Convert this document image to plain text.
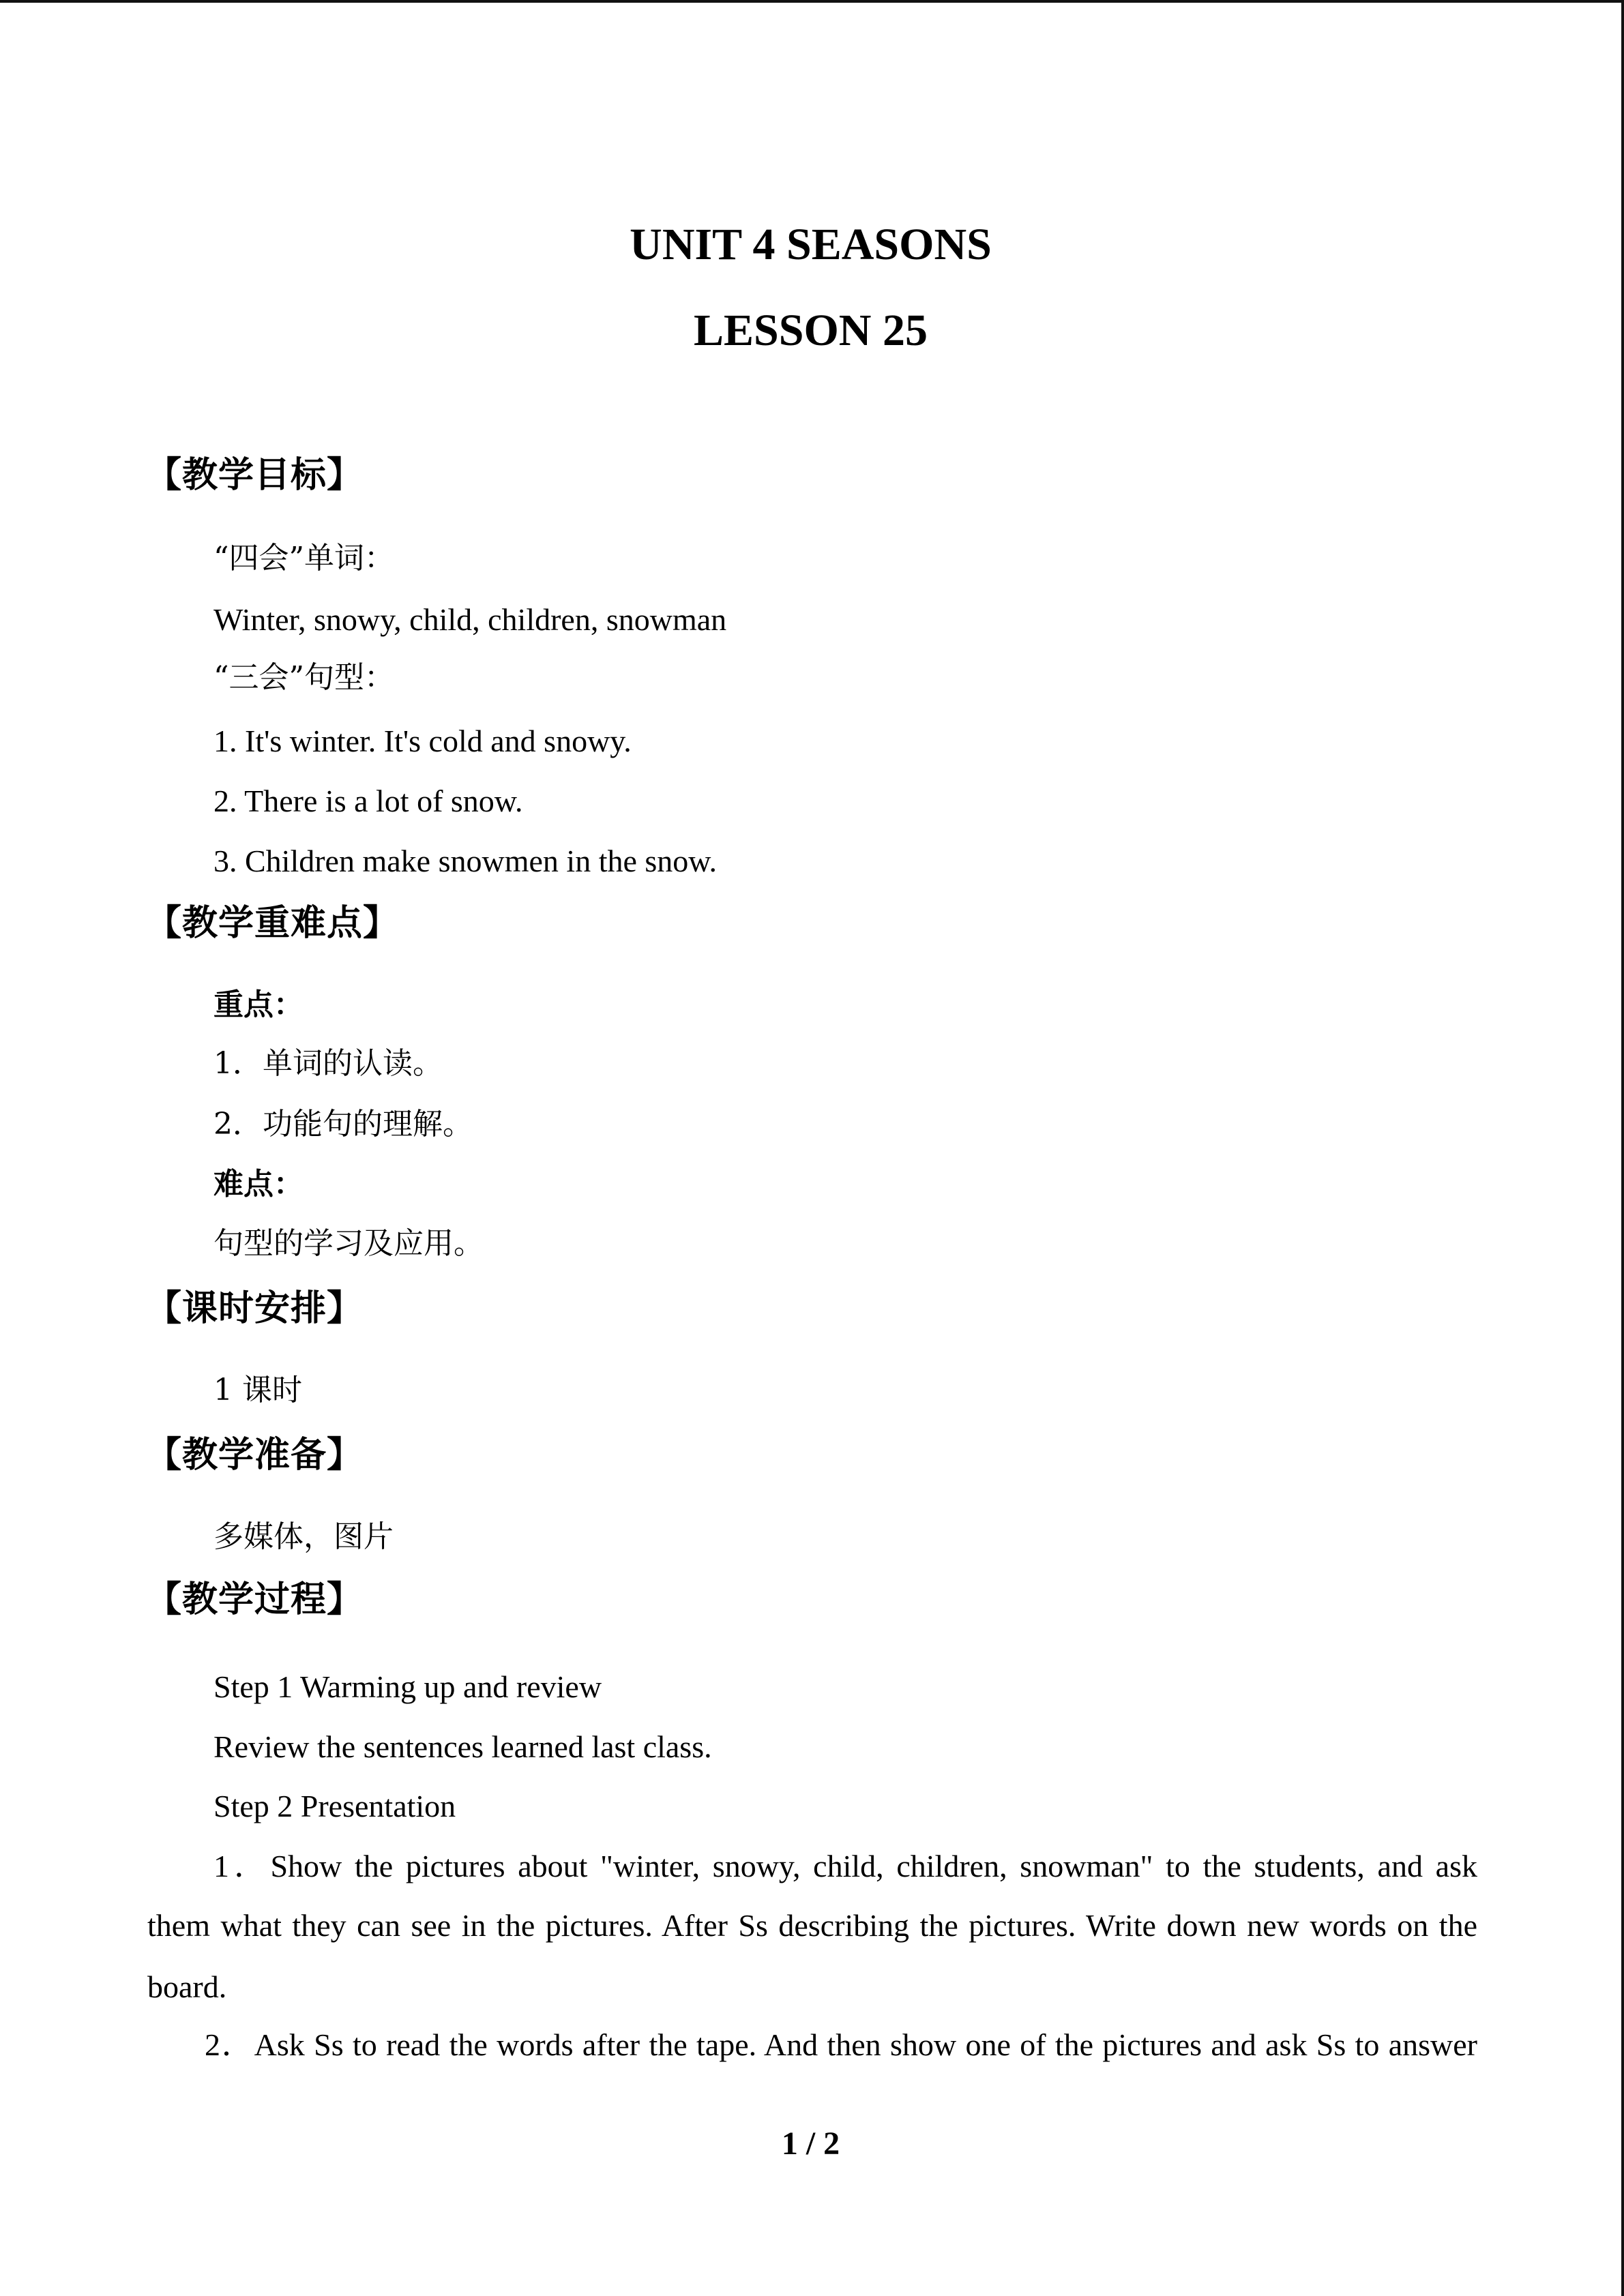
UNIT 4 SEASONS
LESSON 25
【教学目标】
“四会”单词：
Winter, snowy, child, children, snowman
“三会”句型：
1. It's winter. It's cold and snowy.
2. There is a lot of snow.
3. Children make snowmen in the snow.
【教学重难点】
重点：
1．单词的认读。
2．功能句的理解。
难点：
句型的学习及应用。
【课时安排】
1 课时
【教学准备】
多媒体，图片
【教学过程】
Step 1 Warming up and review
Review the sentences learned last class.
Step 2 Presentation
1．Show the pictures about "winter, snowy, child, children, snowman" to the students, and ask
them what they can see in the pictures. After Ss describing the pictures. Write down new words on the
board.
2．Ask Ss to read the words after the tape. And then show one of the pictures and ask Ss to answer
1 / 2
